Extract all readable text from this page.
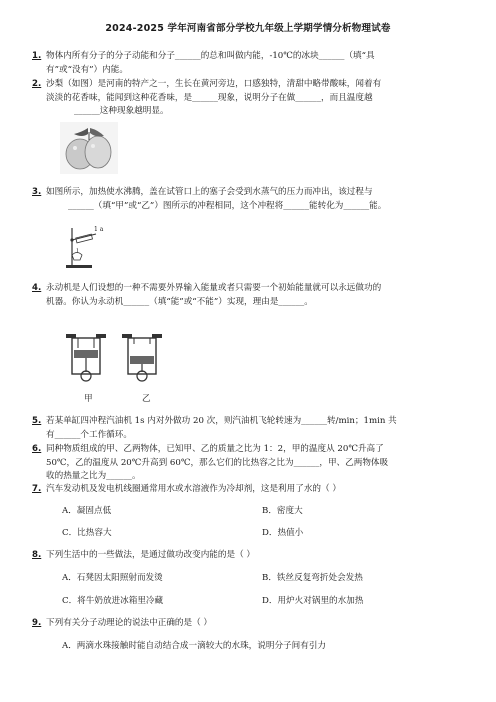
2024-2025 学年河南省部分学校九年级上学期学情分析物理试卷
1. 物体内所有分子的分子动能和分子______的总和叫做内能，-10℃的冰块______（填“具
有”或“没有”）内能。
2. 沙梨（如图）是河南的特产之一，生长在黄河旁边，口感独特，清甜中略带酸味，闻着有
淡淡的花香味，能闻到这种花香味，是______现象，说明分子在做______，而且温度越
______这种现象越明显。
3. 如图所示，加热使水沸腾，盖在试管口上的塞子会受到水蒸气的压力而冲出，该过程与
______（填“甲”或“乙”）图所示的冲程相同，这个冲程将______能转化为______能。
1 a
4. 永动机是人们设想的一种不需要外界输入能量或者只需要一个初始能量就可以永远做功的
机器。你认为永动机______（填“能”或“不能”）实现，理由是______。
甲	乙
5. 若某单缸四冲程汽油机 1s 内对外做功 20 次，则汽油机飞轮转速为______转/min；1min 共
有______个工作循环。
6. 同种物质组成的甲、乙两物体，已知甲、乙的质量之比为 1：2，甲的温度从 20℃升高了
50℃，乙的温度从 20℃升高到 60℃，那么它们的比热容之比为______，甲、乙两物体吸
收的热量之比为______。
7. 汽车发动机及发电机线圈通常用水或水溶液作为冷却剂，这是利用了水的（ ）
A．凝固点低	B．密度大
C．比热容大	D．热值小
8. 下列生活中的一些做法，是通过做功改变内能的是（ ）
A．石凳因太阳照射而发烫	B．铁丝反复弯折处会发热
C．将牛奶放进冰箱里冷藏	D．用炉火对锅里的水加热
9. 下列有关分子动理论的说法中正确的是（ ）
A．两滴水珠接触时能自动结合成一滴较大的水珠，说明分子间有引力
